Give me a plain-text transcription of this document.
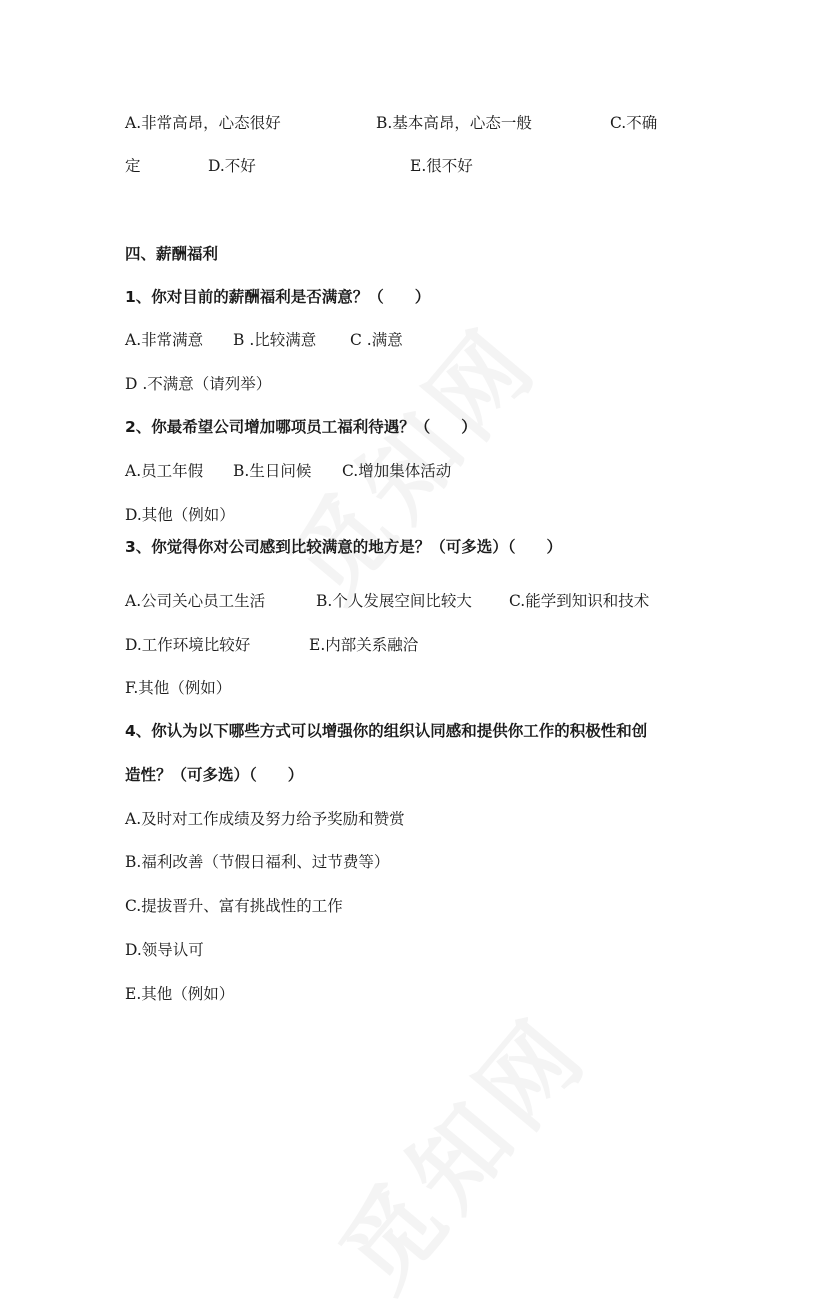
A.非常高昂，心态很好	B.基本高昂，心态一般	C.不确
定	D.不好	E.很不好
四、薪酬福利
1、你对目前的薪酬福利是否满意？（　　）
A.非常满意 B .比较满意 C .满意
D .不满意（请列举）
2、你最希望公司增加哪项员工福利待遇？（　　）
A.员工年假 B.生日问候 C.增加集体活动
D.其他（例如）
3、你觉得你对公司感到比较满意的地方是？（可多选）（　　）
A.公司关心员工生活	B.个人发展空间比较大 C.能学到知识和技术
D.工作环境比较好	E.内部关系融洽
F.其他（例如）
4、你认为以下哪些方式可以增强你的组织认同感和提供你工作的积极性和创
造性？（可多选）（　　）
A.及时对工作成绩及努力给予奖励和赞赏
B.福利改善（节假日福利、过节费等）
C.提拔晋升、富有挑战性的工作
D.领导认可
E.其他（例如）
